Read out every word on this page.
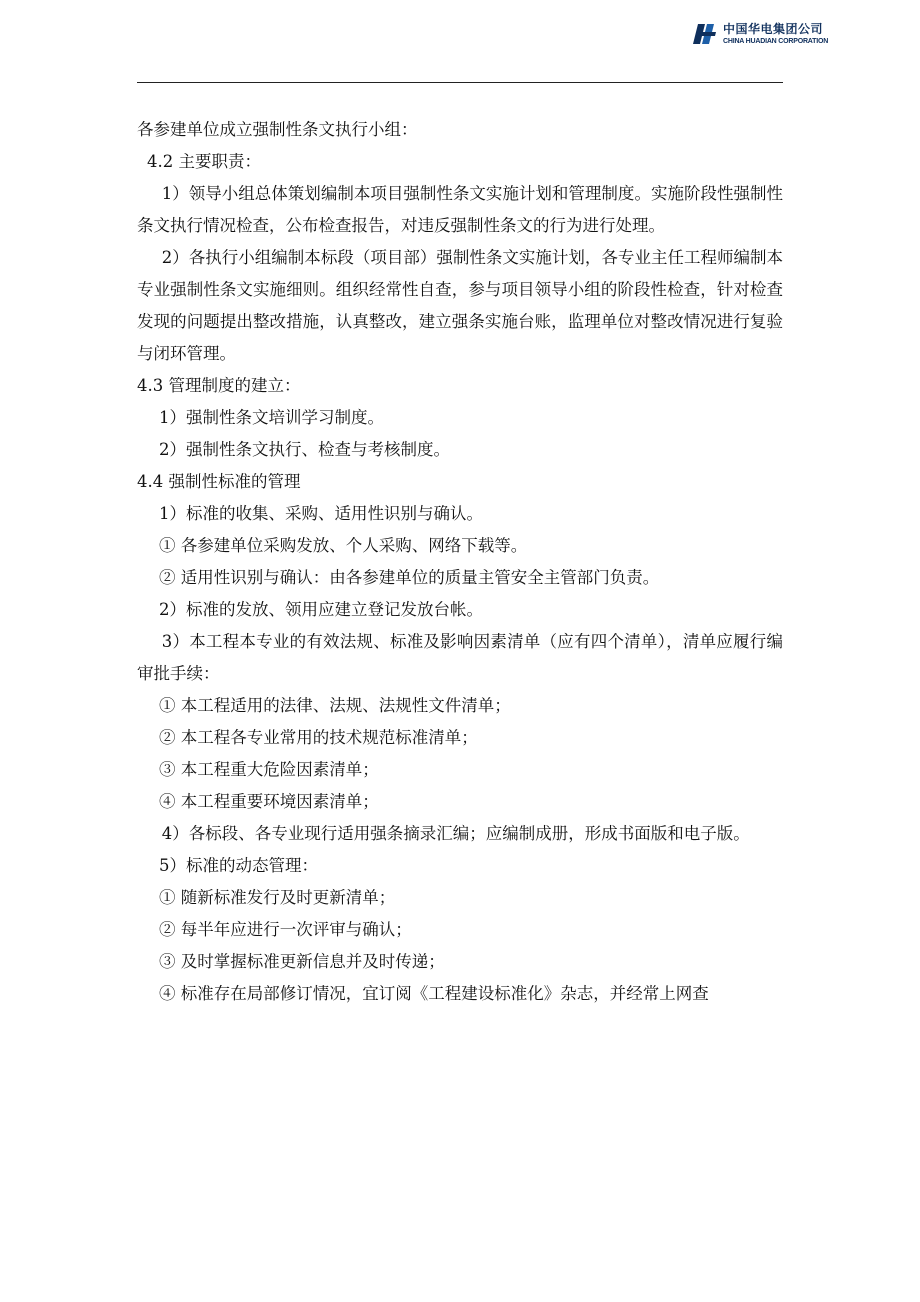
中国华电集团公司
CHINA HUADIAN CORPORATION
各参建单位成立强制性条文执行小组：
4.2 主要职责：

1）领导小组总体策划编制本项目强制性条文实施计划和管理制度。实施阶段性强制性条文执行情况检查，公布检查报告，对违反强制性条文的行为进行处理。

2）各执行小组编制本标段（项目部）强制性条文实施计划，各专业主任工程师编制本专业强制性条文实施细则。组织经常性自查，参与项目领导小组的阶段性检查，针对检查发现的问题提出整改措施，认真整改，建立强条实施台账，监理单位对整改情况进行复验与闭环管理。

4.3 管理制度的建立：
1）强制性条文培训学习制度。
2）强制性条文执行、检查与考核制度。
4.4 强制性标准的管理
1）标准的收集、采购、适用性识别与确认。
① 各参建单位采购发放、个人采购、网络下载等。
② 适用性识别与确认：由各参建单位的质量主管安全主管部门负责。
2）标准的发放、领用应建立登记发放台帐。

3）本工程本专业的有效法规、标准及影响因素清单（应有四个清单），清单应履行编审批手续：

① 本工程适用的法律、法规、法规性文件清单；
② 本工程各专业常用的技术规范标准清单；
③ 本工程重大危险因素清单；
④ 本工程重要环境因素清单；

4）各标段、各专业现行适用强条摘录汇编；应编制成册，形成书面版和电子版。

5）标准的动态管理：
① 随新标准发行及时更新清单；
② 每半年应进行一次评审与确认；
③ 及时掌握标准更新信息并及时传递；
④ 标准存在局部修订情况，宜订阅《工程建设标准化》杂志，并经常上网查
